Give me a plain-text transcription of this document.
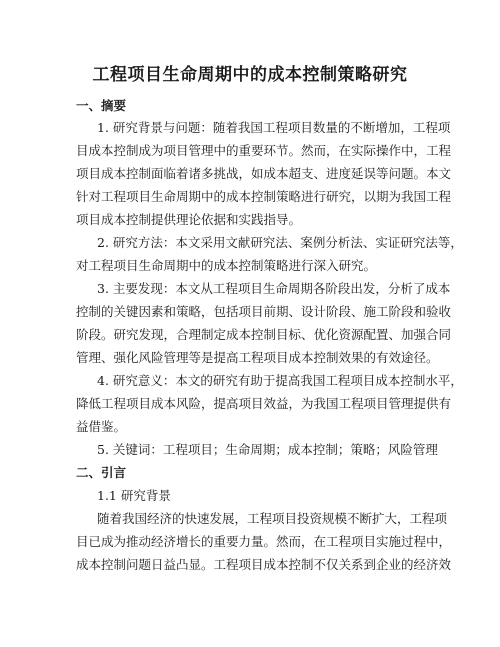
工程项目生命周期中的成本控制策略研究
一、摘要
1. 研究背景与问题：随着我国工程项目数量的不断增加，工程项
目成本控制成为项目管理中的重要环节。然而，在实际操作中，工程
项目成本控制面临着诸多挑战，如成本超支、进度延误等问题。本文
针对工程项目生命周期中的成本控制策略进行研究，以期为我国工程
项目成本控制提供理论依据和实践指导。
2. 研究方法：本文采用文献研究法、案例分析法、实证研究法等，
对工程项目生命周期中的成本控制策略进行深入研究。
3. 主要发现：本文从工程项目生命周期各阶段出发，分析了成本
控制的关键因素和策略，包括项目前期、设计阶段、施工阶段和验收
阶段。研究发现，合理制定成本控制目标、优化资源配置、加强合同
管理、强化风险管理等是提高工程项目成本控制效果的有效途径。
4. 研究意义：本文的研究有助于提高我国工程项目成本控制水平，
降低工程项目成本风险，提高项目效益，为我国工程项目管理提供有
益借鉴。
5. 关键词：工程项目；生命周期；成本控制；策略；风险管理
二、引言
1.1 研究背景
随着我国经济的快速发展，工程项目投资规模不断扩大，工程项
目已成为推动经济增长的重要力量。然而，在工程项目实施过程中，
成本控制问题日益凸显。工程项目成本控制不仅关系到企业的经济效
